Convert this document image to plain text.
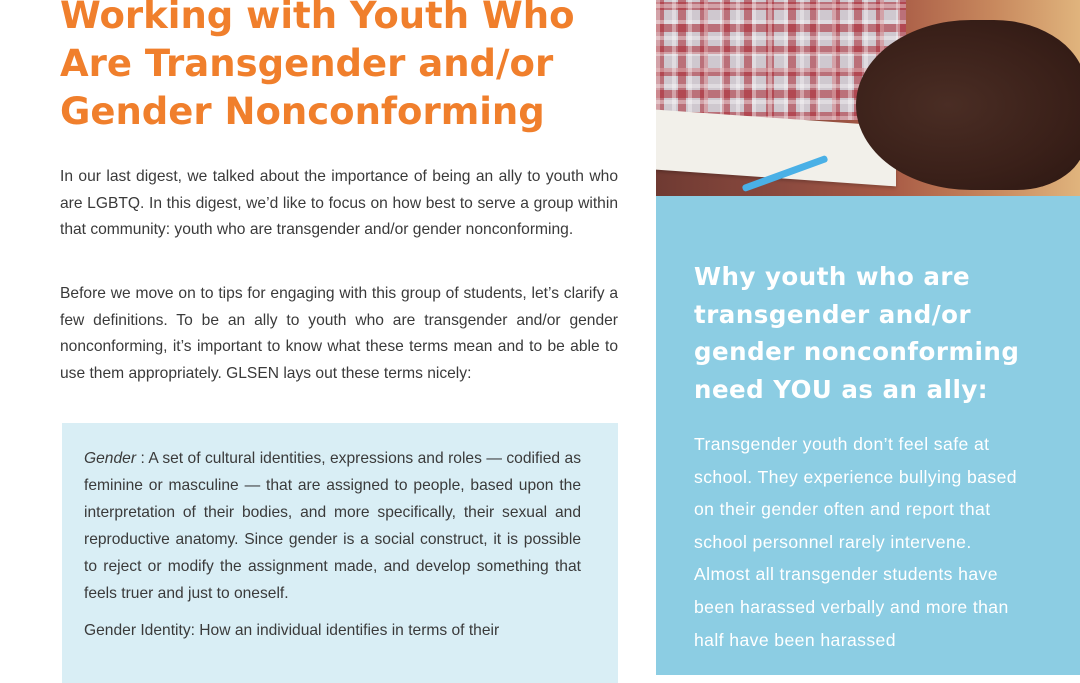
Working with Youth Who Are Transgender and/or Gender Nonconforming

In our last digest, we talked about the importance of being an ally to youth who are LGBTQ. In this digest, we’d like to focus on how best to serve a group within that community: youth who are transgender and/or gender nonconforming.

Before we move on to tips for engaging with this group of students, let’s clarify a few definitions. To be an ally to youth who are transgender and/or gender nonconforming, it’s important to know what these terms mean and to be able to use them appropriately. GLSEN lays out these terms nicely:

Gender : A set of cultural identities, expressions and roles — codified as feminine or masculine — that are assigned to people, based upon the interpretation of their bodies, and more specifically, their sexual and reproductive anatomy. Since gender is a social construct, it is possible to reject or modify the assignment made, and develop something that feels truer and just to oneself.

Gender Identity: How an individual identifies in terms of their

Why youth who are transgender and/or gender nonconforming need YOU as an ally:

Transgender youth don’t feel safe at school. They experience bullying based on their gender often and report that school personnel rarely intervene. Almost all transgender students have been harassed verbally and more than half have been harassed
